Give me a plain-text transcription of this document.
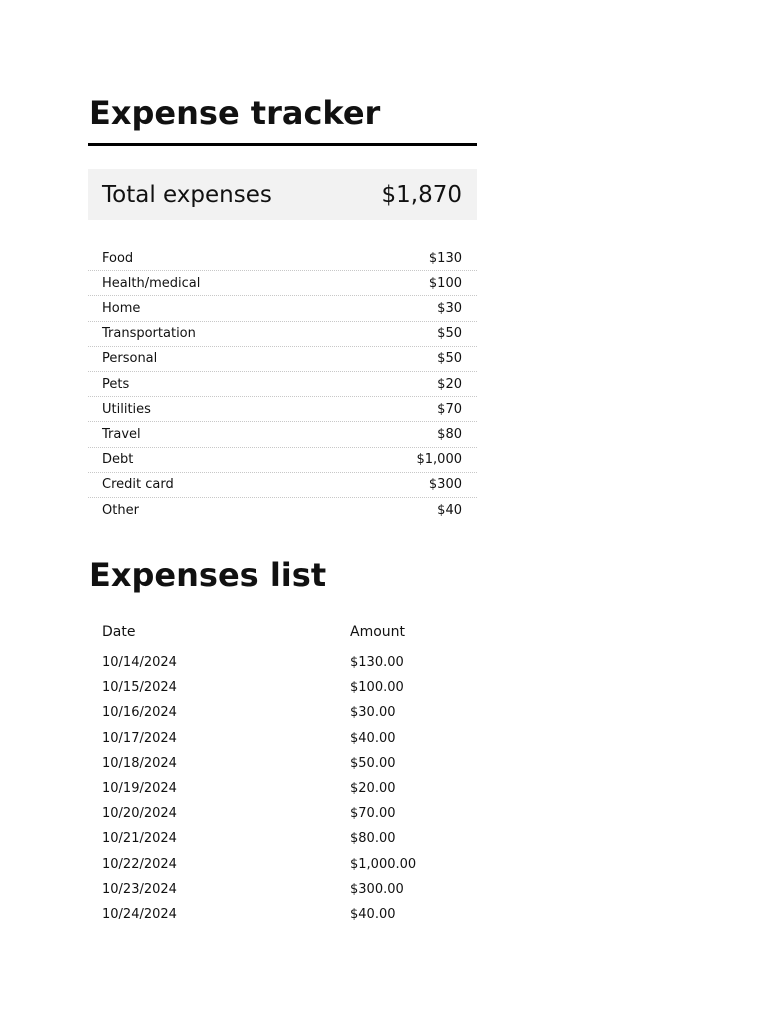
Expense tracker
Total expenses	$1,870
Food	$130
Health/medical	$100
Home	$30
Transportation	$50
Personal	$50
Pets	$20
Utilities	$70
Travel	$80
Debt	$1,000
Credit card	$300
Other	$40
Expenses list
Date	Amount

10/14/2024	$130.00
10/15/2024	$100.00
10/16/2024	$30.00
10/17/2024	$40.00
10/18/2024	$50.00
10/19/2024	$20.00
10/20/2024	$70.00
10/21/2024	$80.00
10/22/2024	$1,000.00
10/23/2024	$300.00
10/24/2024	$40.00
